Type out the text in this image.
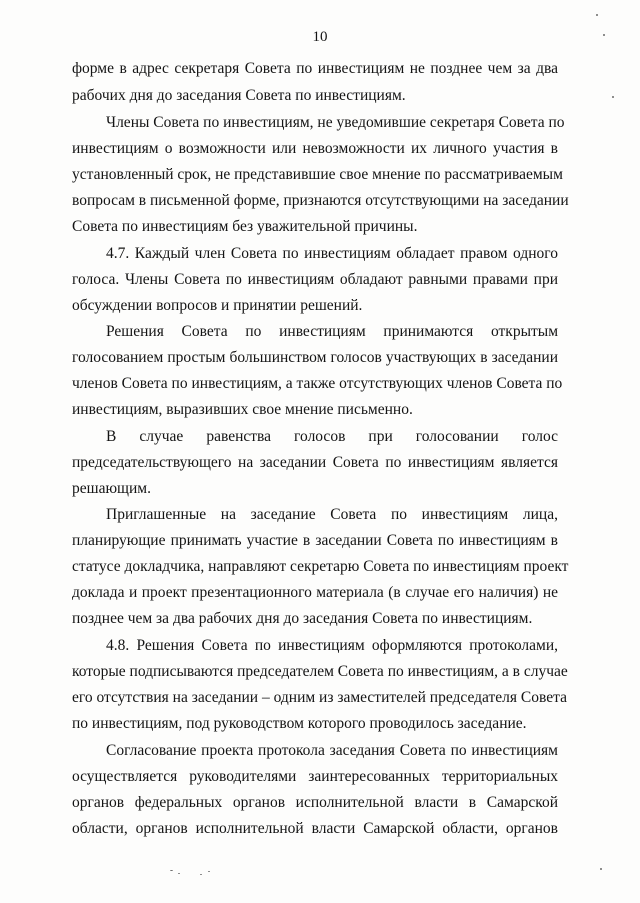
10
форме в адрес секретаря Совета по инвестициям не позднее чем за два
рабочих дня до заседания Совета по инвестициям.
Члены Совета по инвестициям, не уведомившие секретаря Совета по
инвестициям о возможности или невозможности их личного участия в
установленный срок, не представившие свое мнение по рассматриваемым
вопросам в письменной форме, признаются отсутствующими на заседании
Совета по инвестициям без уважительной причины.
4.7. Каждый член Совета по инвестициям обладает правом одного
голоса. Члены Совета по инвестициям обладают равными правами при
обсуждении вопросов и принятии решений.
Решения Совета по инвестициям принимаются открытым
голосованием простым большинством голосов участвующих в заседании
членов Совета по инвестициям, а также отсутствующих членов Совета по
инвестициям, выразивших свое мнение письменно.
В случае равенства голосов при голосовании голос
председательствующего на заседании Совета по инвестициям является
решающим.
Приглашенные на заседание Совета по инвестициям лица,
планирующие принимать участие в заседании Совета по инвестициям в
статусе докладчика, направляют секретарю Совета по инвестициям проект
доклада и проект презентационного материала (в случае его наличия) не
позднее чем за два рабочих дня до заседания Совета по инвестициям.
4.8. Решения Совета по инвестициям оформляются протоколами,
которые подписываются председателем Совета по инвестициям, а в случае
его отсутствия на заседании – одним из заместителей председателя Совета
по инвестициям, под руководством которого проводилось заседание.
Согласование проекта протокола заседания Совета по инвестициям
осуществляется руководителями заинтересованных территориальных
органов федеральных органов исполнительной власти в Самарской
области, органов исполнительной власти Самарской области, органов
